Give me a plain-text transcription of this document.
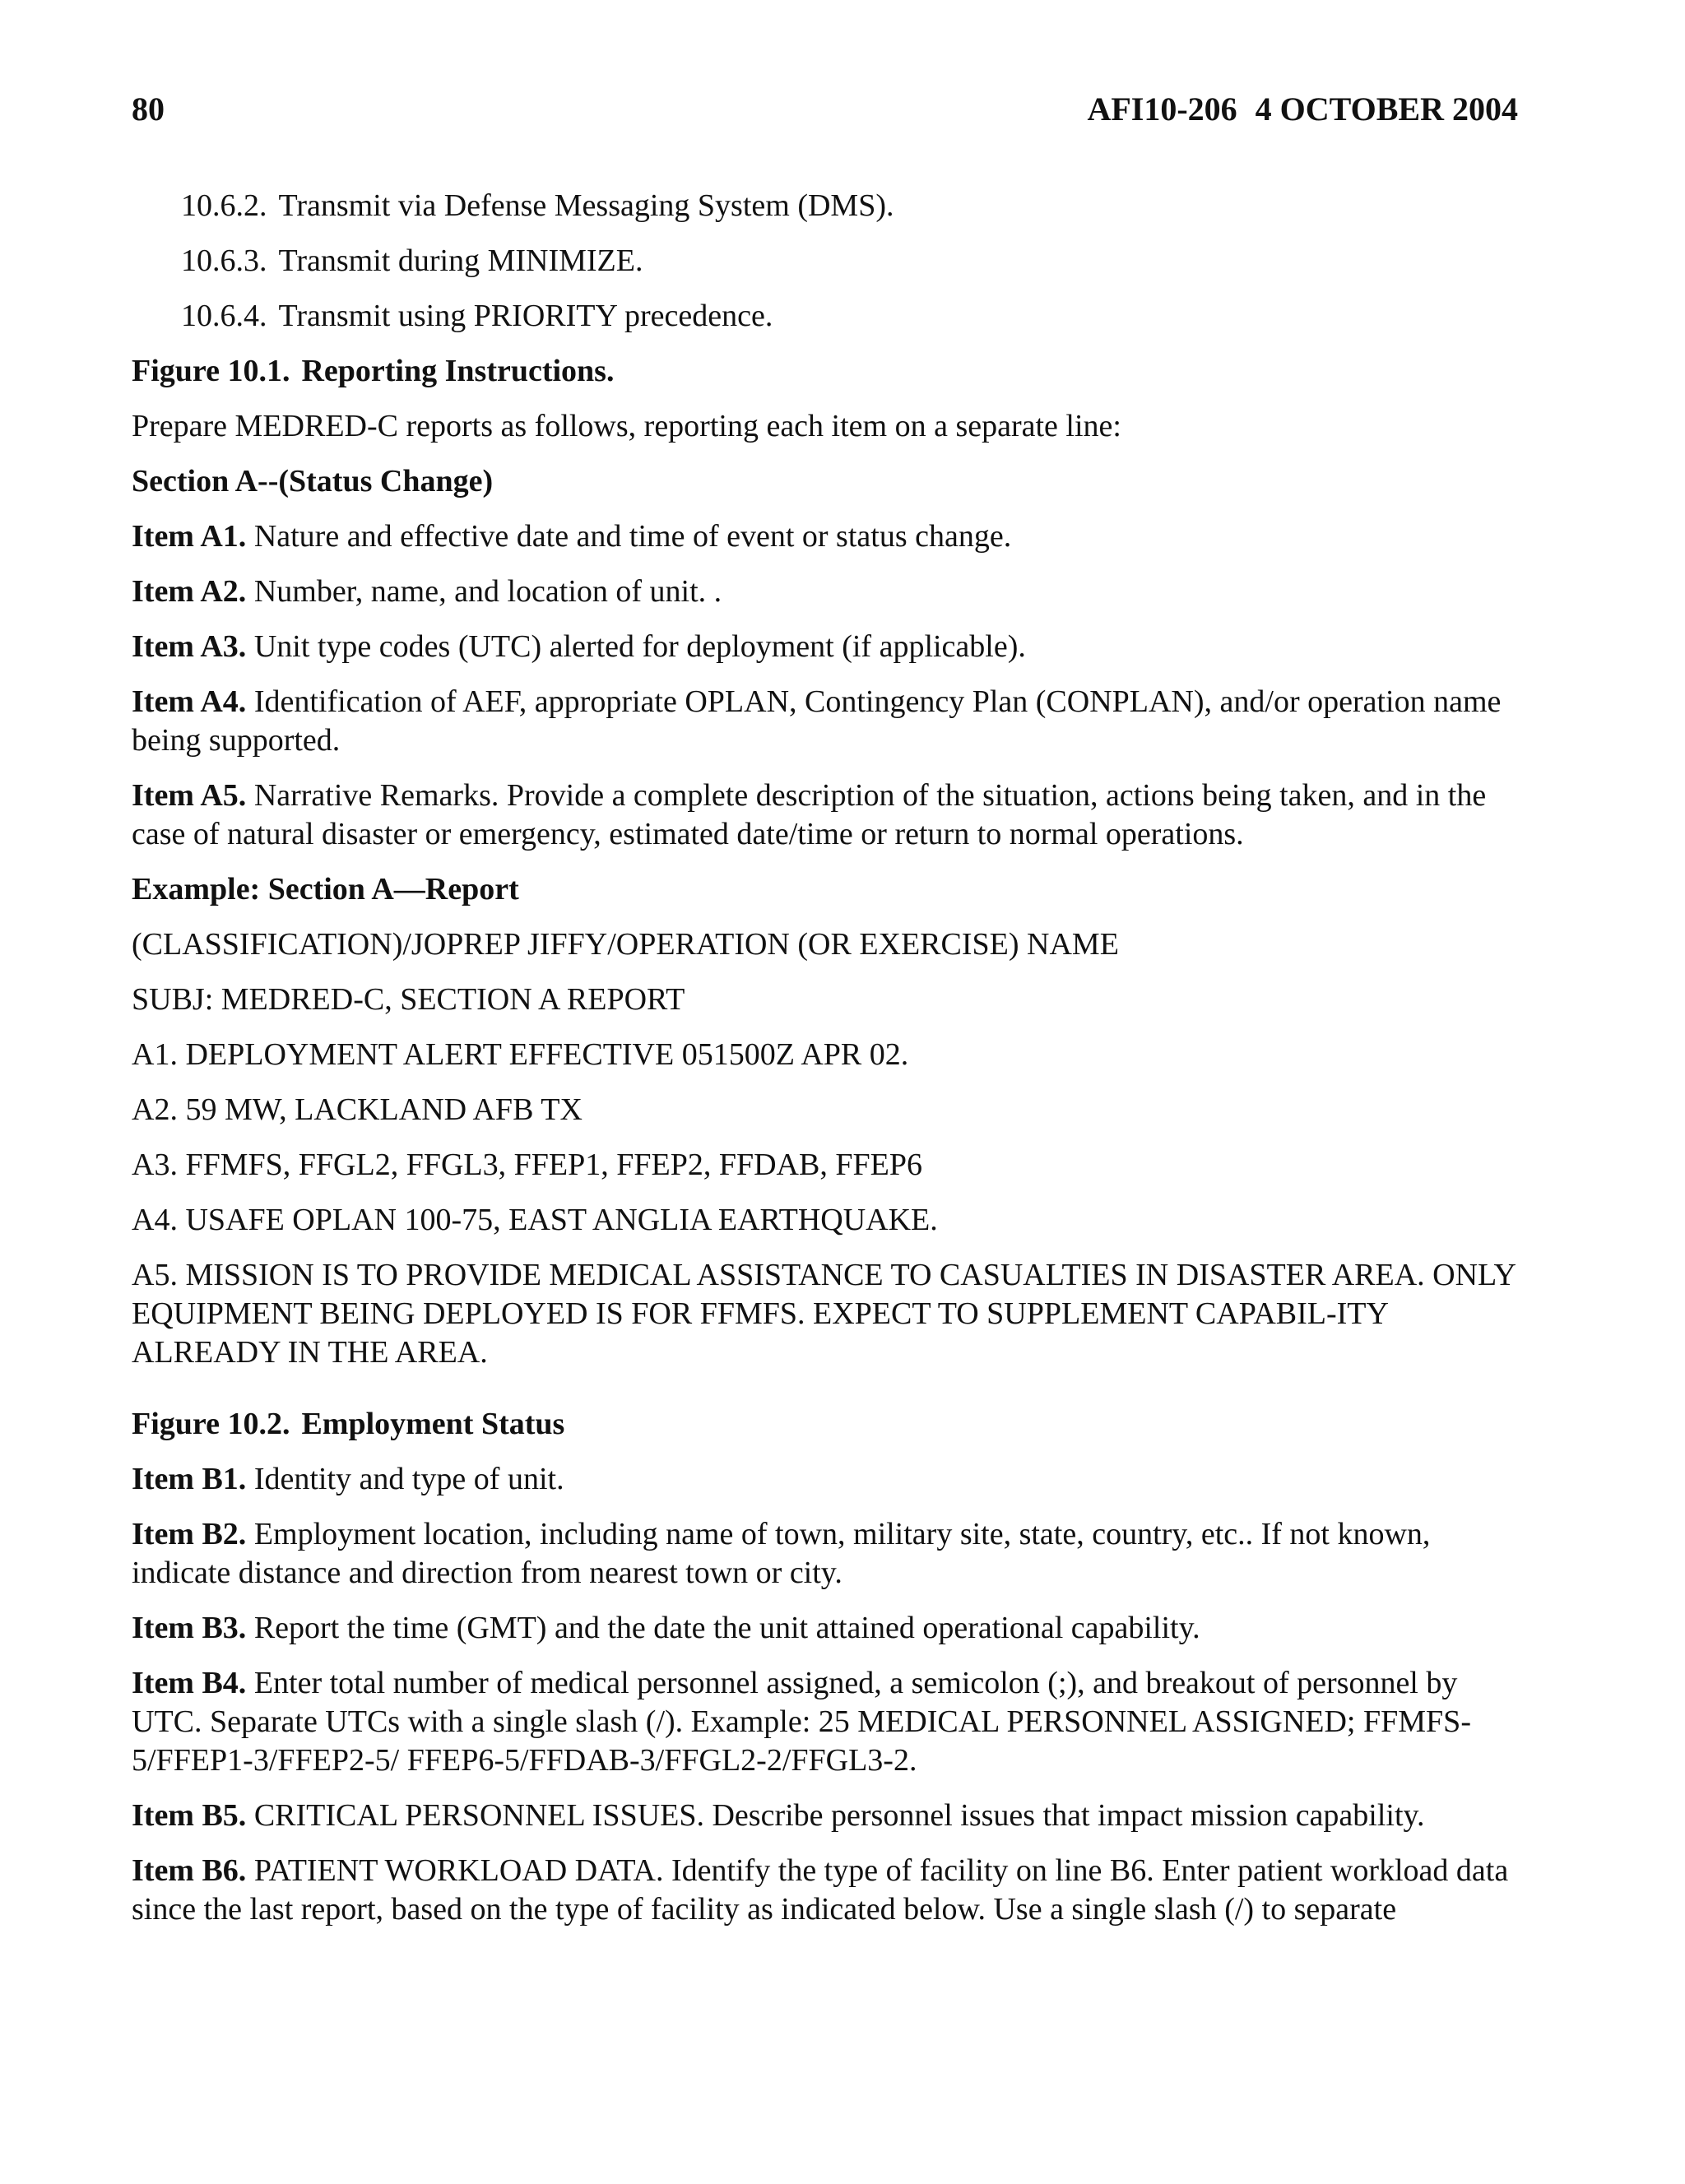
80	AFI10-206 4 OCTOBER 2004

10.6.2. Transmit via Defense Messaging System (DMS).

10.6.3. Transmit during MINIMIZE.

10.6.4. Transmit using PRIORITY precedence.

Figure 10.1. Reporting Instructions.

Prepare MEDRED-C reports as follows, reporting each item on a separate line:

Section A--(Status Change)

Item A1. Nature and effective date and time of event or status change.

Item A2. Number, name, and location of unit. .

Item A3. Unit type codes (UTC) alerted for deployment (if applicable).

Item A4. Identification of AEF, appropriate OPLAN, Contingency Plan (CONPLAN), and/or operation name being supported.

Item A5. Narrative Remarks. Provide a complete description of the situation, actions being taken, and in the case of natural disaster or emergency, estimated date/time or return to normal operations.

Example: Section A—Report

(CLASSIFICATION)/JOPREP JIFFY/OPERATION (OR EXERCISE) NAME

SUBJ: MEDRED-C, SECTION A REPORT

A1. DEPLOYMENT ALERT EFFECTIVE 051500Z APR 02.

A2. 59 MW, LACKLAND AFB TX

A3. FFMFS, FFGL2, FFGL3, FFEP1, FFEP2, FFDAB, FFEP6

A4. USAFE OPLAN 100-75, EAST ANGLIA EARTHQUAKE.

A5. MISSION IS TO PROVIDE MEDICAL ASSISTANCE TO CASUALTIES IN DISASTER AREA. ONLY EQUIPMENT BEING DEPLOYED IS FOR FFMFS. EXPECT TO SUPPLEMENT CAPABIL-ITY ALREADY IN THE AREA.

Figure 10.2. Employment Status

Item B1. Identity and type of unit.

Item B2. Employment location, including name of town, military site, state, country, etc.. If not known, indicate distance and direction from nearest town or city.

Item B3. Report the time (GMT) and the date the unit attained operational capability.

Item B4. Enter total number of medical personnel assigned, a semicolon (;), and breakout of personnel by UTC. Separate UTCs with a single slash (/). Example: 25 MEDICAL PERSONNEL ASSIGNED; FFMFS-5/FFEP1-3/FFEP2-5/ FFEP6-5/FFDAB-3/FFGL2-2/FFGL3-2.

Item B5. CRITICAL PERSONNEL ISSUES. Describe personnel issues that impact mission capability.

Item B6. PATIENT WORKLOAD DATA. Identify the type of facility on line B6. Enter patient workload data since the last report, based on the type of facility as indicated below. Use a single slash (/) to separate
